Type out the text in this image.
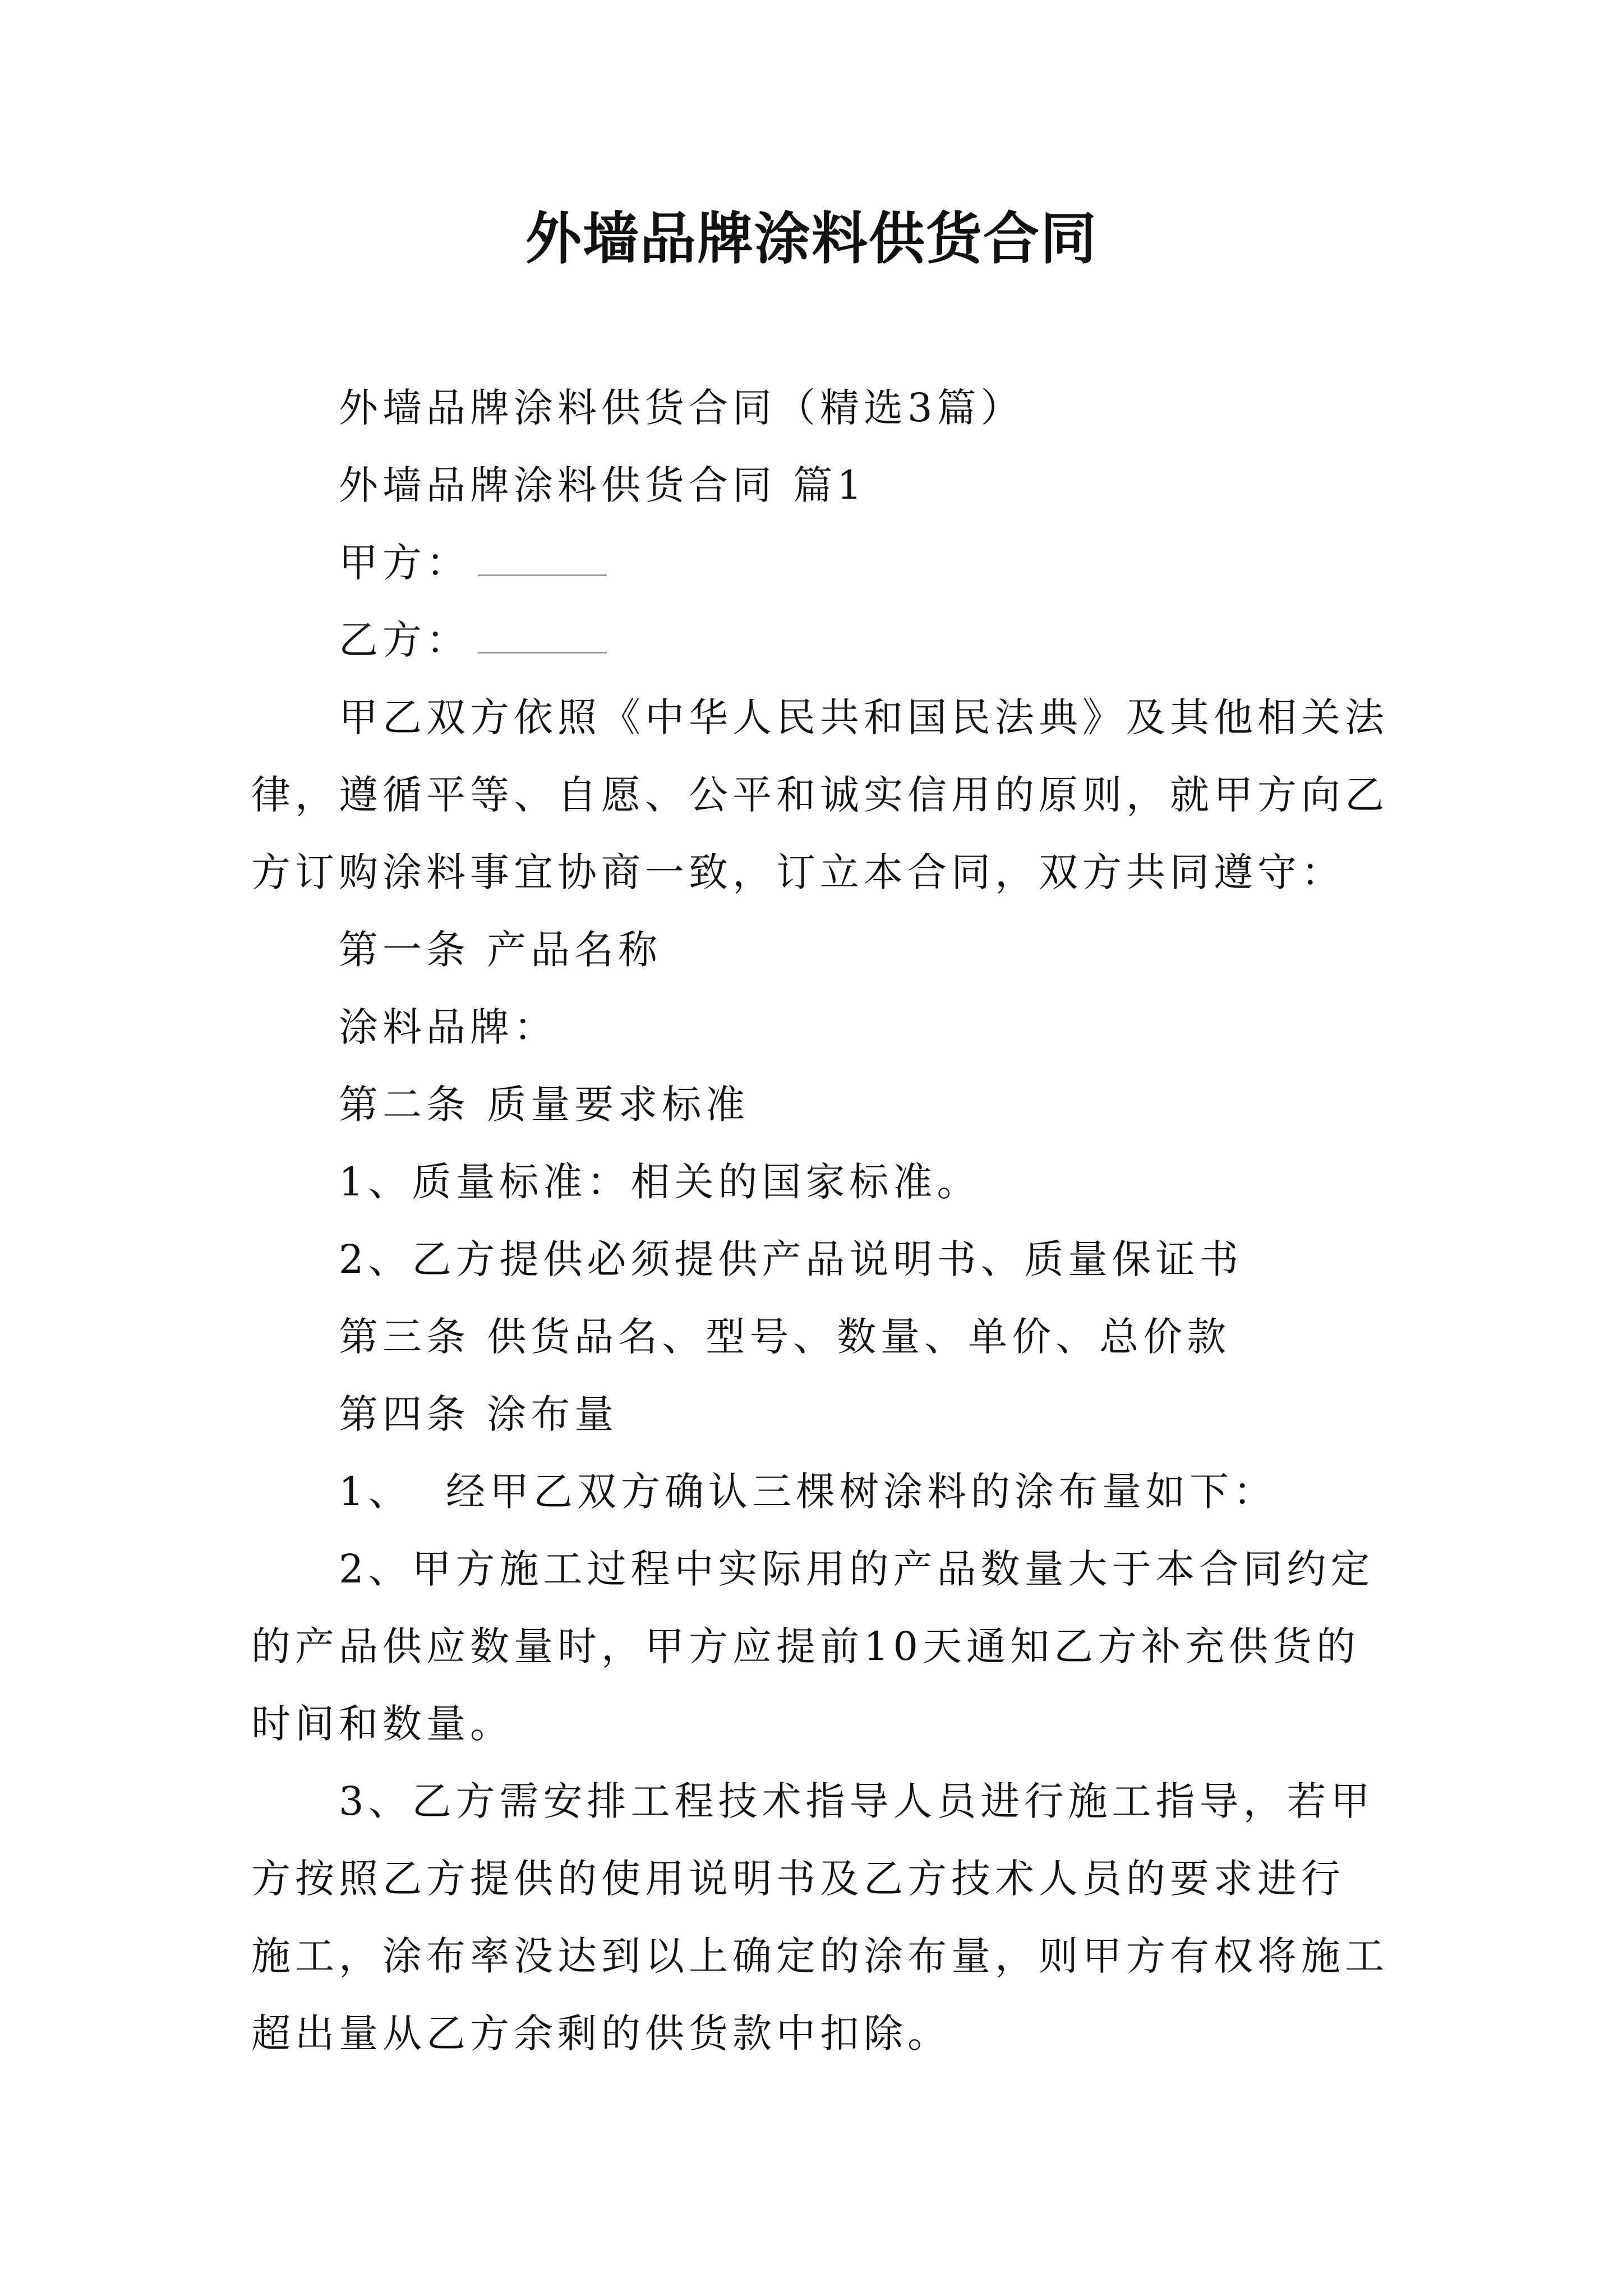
外墙品牌涂料供货合同

外墙品牌涂料供货合同（精选3篇）

外墙品牌涂料供货合同 篇1

甲方：

乙方：

甲乙双方依照《中华人民共和国民法典》及其他相关法

律，遵循平等、自愿、公平和诚实信用的原则，就甲方向乙

方订购涂料事宜协商一致，订立本合同，双方共同遵守：

第一条 产品名称

涂料品牌：

第二条 质量要求标准

1、质量标准：相关的国家标准。

2、乙方提供必须提供产品说明书、质量保证书

第三条 供货品名、型号、数量、单价、总价款

第四条 涂布量

1、  经甲乙双方确认三棵树涂料的涂布量如下：

2、甲方施工过程中实际用的产品数量大于本合同约定

的产品供应数量时，甲方应提前10天通知乙方补充供货的

时间和数量。

3、乙方需安排工程技术指导人员进行施工指导，若甲

方按照乙方提供的使用说明书及乙方技术人员的要求进行

施工，涂布率没达到以上确定的涂布量，则甲方有权将施工

超出量从乙方余剩的供货款中扣除。
